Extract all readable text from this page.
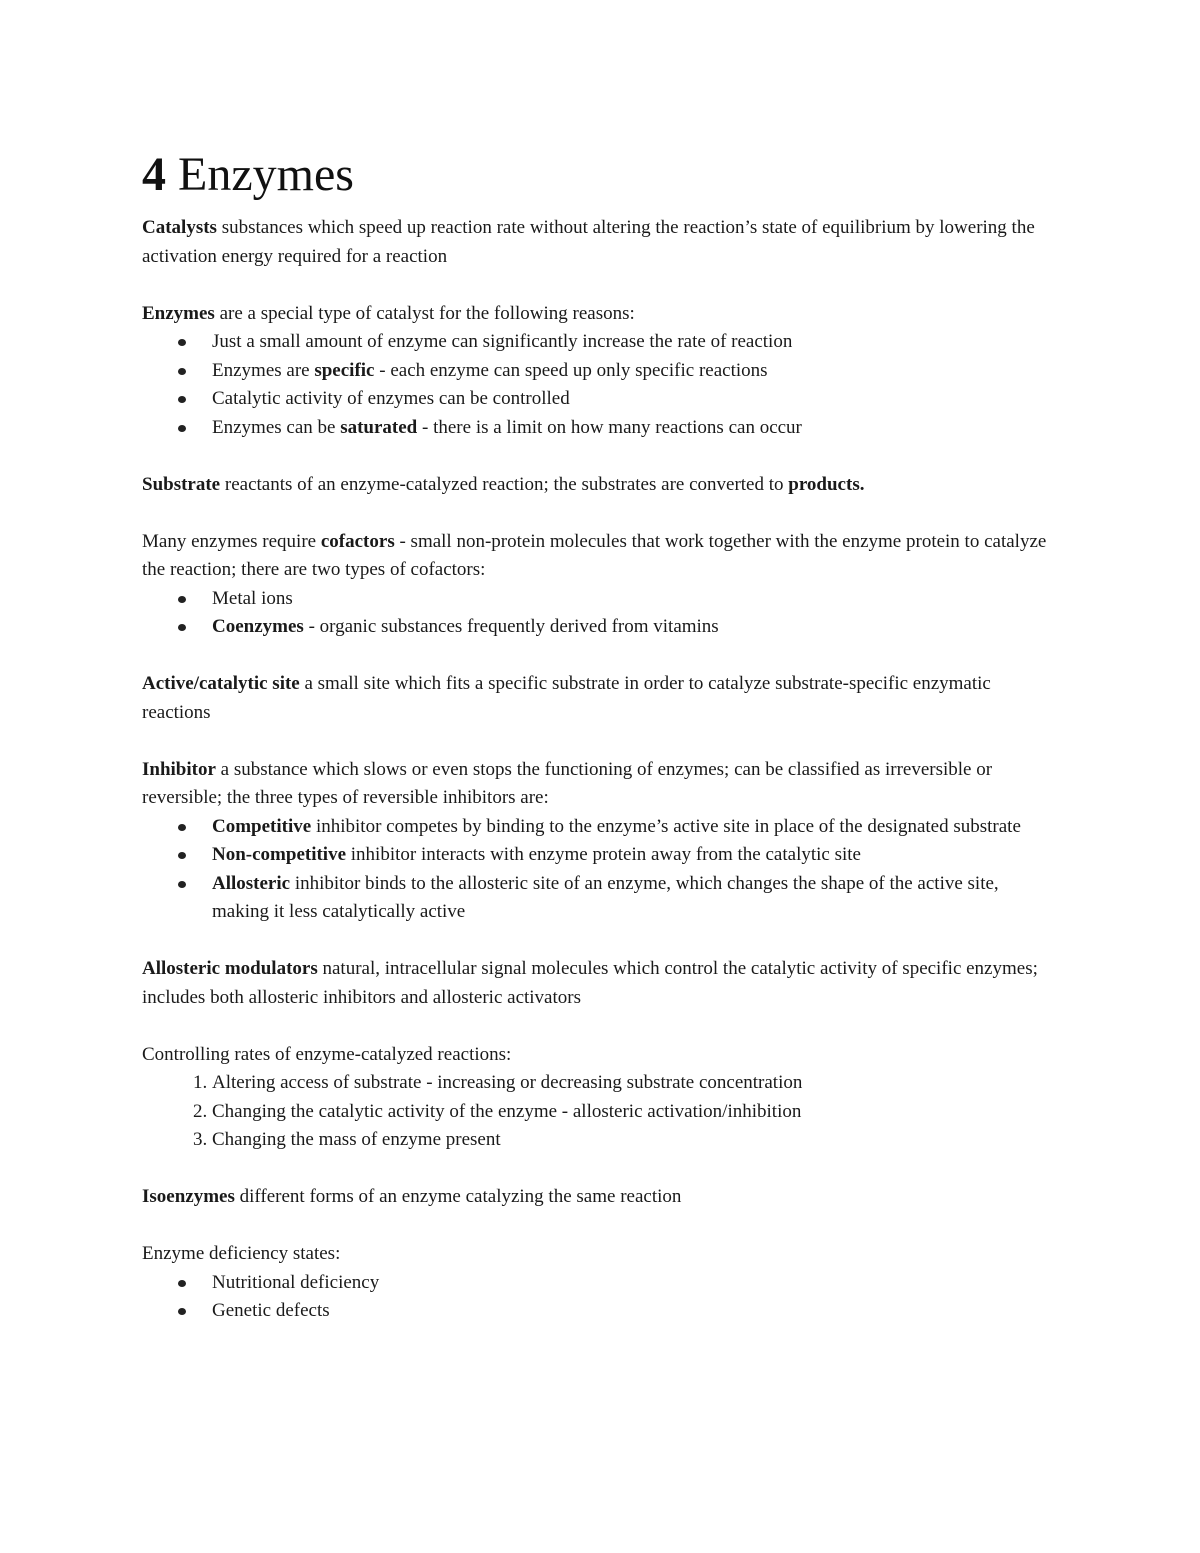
4 Enzymes

Catalysts substances which speed up reaction rate without altering the reaction’s state of equilibrium by lowering the activation energy required for a reaction

Enzymes are a special type of catalyst for the following reasons:

Just a small amount of enzyme can significantly increase the rate of reaction
Enzymes are specific - each enzyme can speed up only specific reactions
Catalytic activity of enzymes can be controlled
Enzymes can be saturated - there is a limit on how many reactions can occur

Substrate reactants of an enzyme-catalyzed reaction; the substrates are converted to products.

Many enzymes require cofactors - small non-protein molecules that work together with the enzyme protein to catalyze the reaction; there are two types of cofactors:

Metal ions
Coenzymes - organic substances frequently derived from vitamins

Active/catalytic site a small site which fits a specific substrate in order to catalyze substrate-specific enzymatic reactions

Inhibitor a substance which slows or even stops the functioning of enzymes; can be classified as irreversible or reversible; the three types of reversible inhibitors are:

Competitive inhibitor competes by binding to the enzyme’s active site in place of the designated substrate
Non-competitive inhibitor interacts with enzyme protein away from the catalytic site
Allosteric inhibitor binds to the allosteric site of an enzyme, which changes the shape of the active site, making it less catalytically active

Allosteric modulators natural, intracellular signal molecules which control the catalytic activity of specific enzymes; includes both allosteric inhibitors and allosteric activators

Controlling rates of enzyme-catalyzed reactions:

1. Altering access of substrate - increasing or decreasing substrate concentration
2. Changing the catalytic activity of the enzyme - allosteric activation/inhibition
3. Changing the mass of enzyme present

Isoenzymes different forms of an enzyme catalyzing the same reaction

Enzyme deficiency states:

Nutritional deficiency
Genetic defects
